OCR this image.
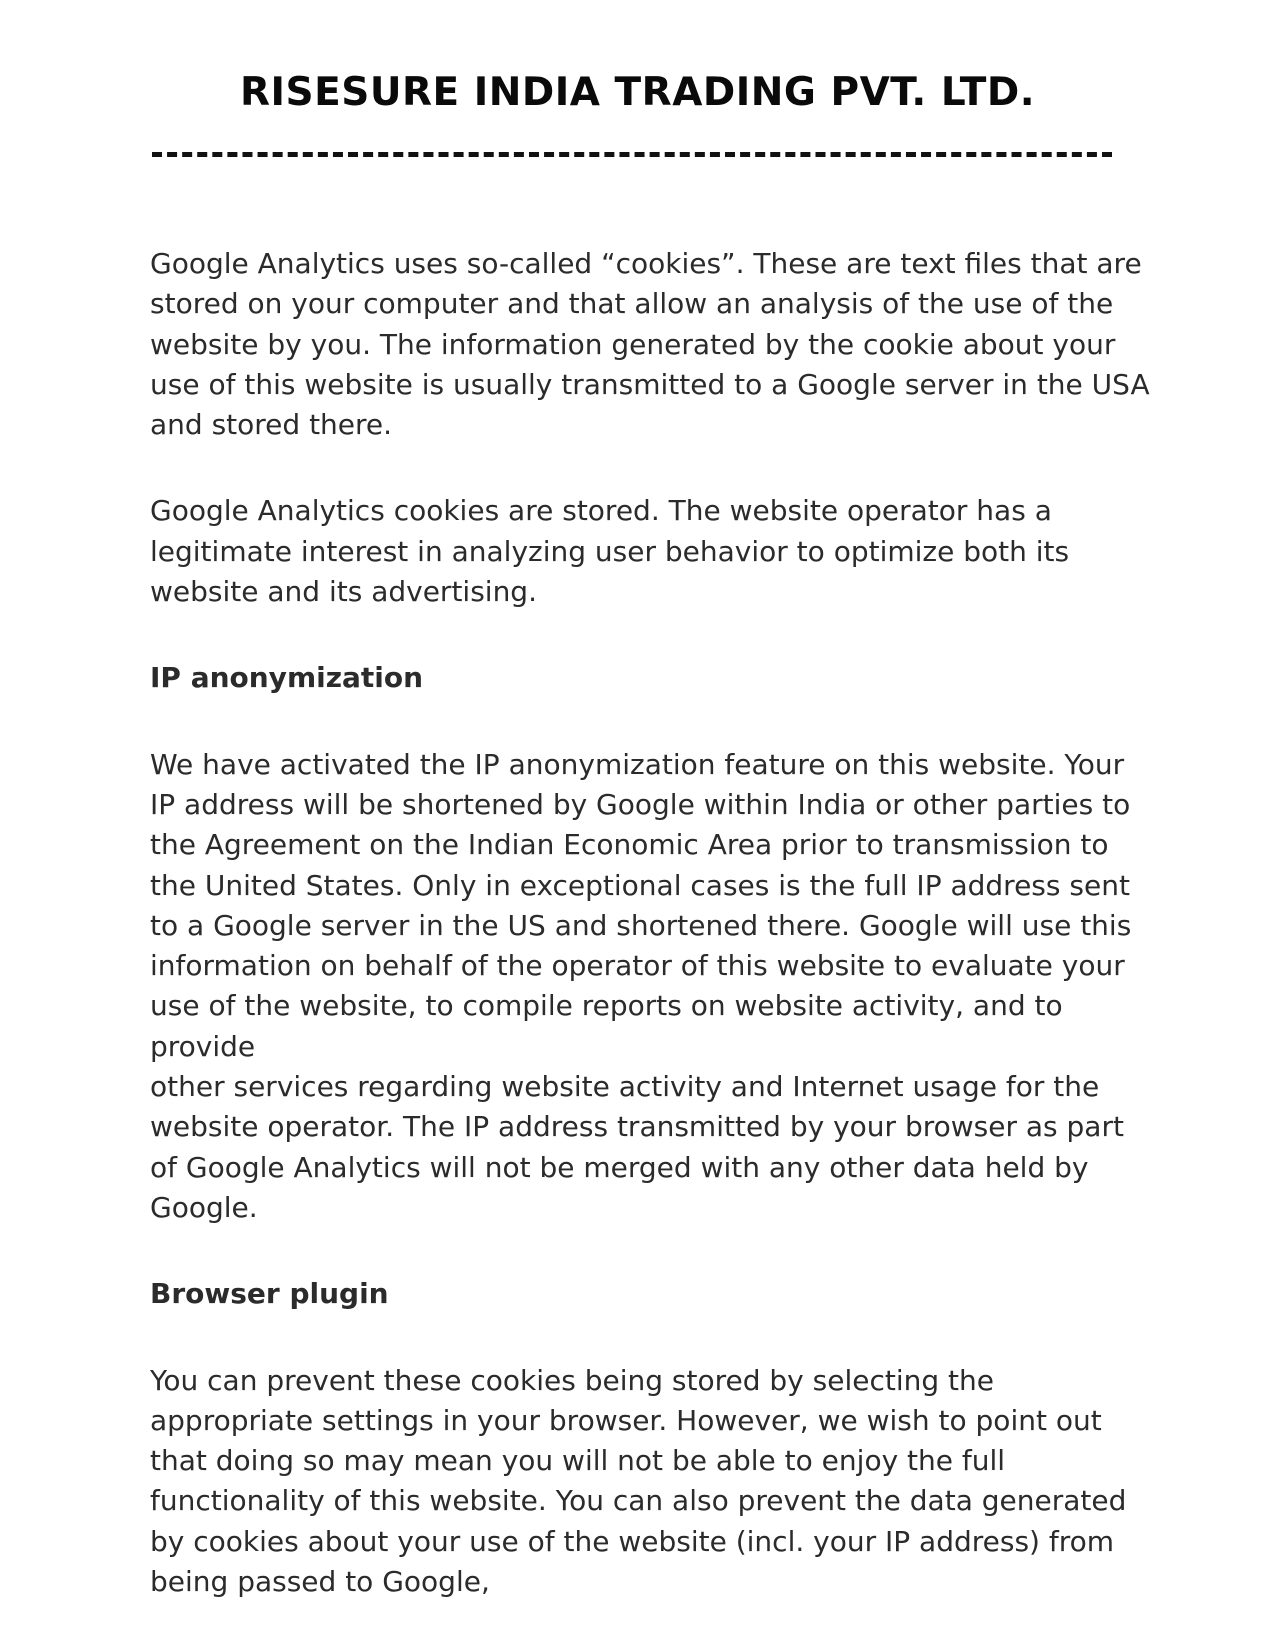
RISESURE INDIA TRADING PVT. LTD.

Google Analytics uses so-called “cookies”. These are text files that are
stored on your computer and that allow an analysis of the use of the
website by you. The information generated by the cookie about your
use of this website is usually transmitted to a Google server in the USA
and stored there.

Google Analytics cookies are stored. The website operator has a
legitimate interest in analyzing user behavior to optimize both its
website and its advertising.

IP anonymization

We have activated the IP anonymization feature on this website. Your
IP address will be shortened by Google within India or other parties to
the Agreement on the Indian Economic Area prior to transmission to
the United States. Only in exceptional cases is the full IP address sent
to a Google server in the US and shortened there. Google will use this
information on behalf of the operator of this website to evaluate your
use of the website, to compile reports on website activity, and to
provide
other services regarding website activity and Internet usage for the
website operator. The IP address transmitted by your browser as part
of Google Analytics will not be merged with any other data held by
Google.

Browser plugin

You can prevent these cookies being stored by selecting the
appropriate settings in your browser. However, we wish to point out
that doing so may mean you will not be able to enjoy the full
functionality of this website. You can also prevent the data generated
by cookies about your use of the website (incl. your IP address) from
being passed to Google,
